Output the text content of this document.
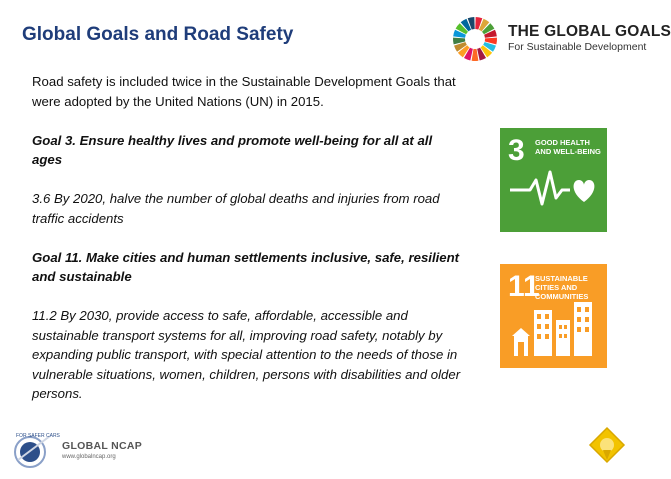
Global Goals and Road Safety	THE GLOBAL GOALS
For Sustainable Development

Road safety is included twice in the Sustainable Development Goals that were adopted by the United Nations (UN) in 2015.

Goal 3. Ensure healthy lives and promote well-being for all at all ages

3.6 By 2020, halve the number of global deaths and injuries from road traffic accidents

Goal 11. Make cities and human settlements inclusive, safe, resilient and sustainable

11.2 By 2030, provide access to safe, affordable, accessible and sustainable transport systems for all, improving road safety, notably by expanding public transport, with special attention to the needs of those in vulnerable situations, women, children, persons with disabilities and older persons.

3 GOOD HEALTH AND WELL-BEING
11
SUSTAINABLE CITIES AND COMMUNITIES
FOR SAFER CARS
GLOBAL NCAP
www.globalncap.org
